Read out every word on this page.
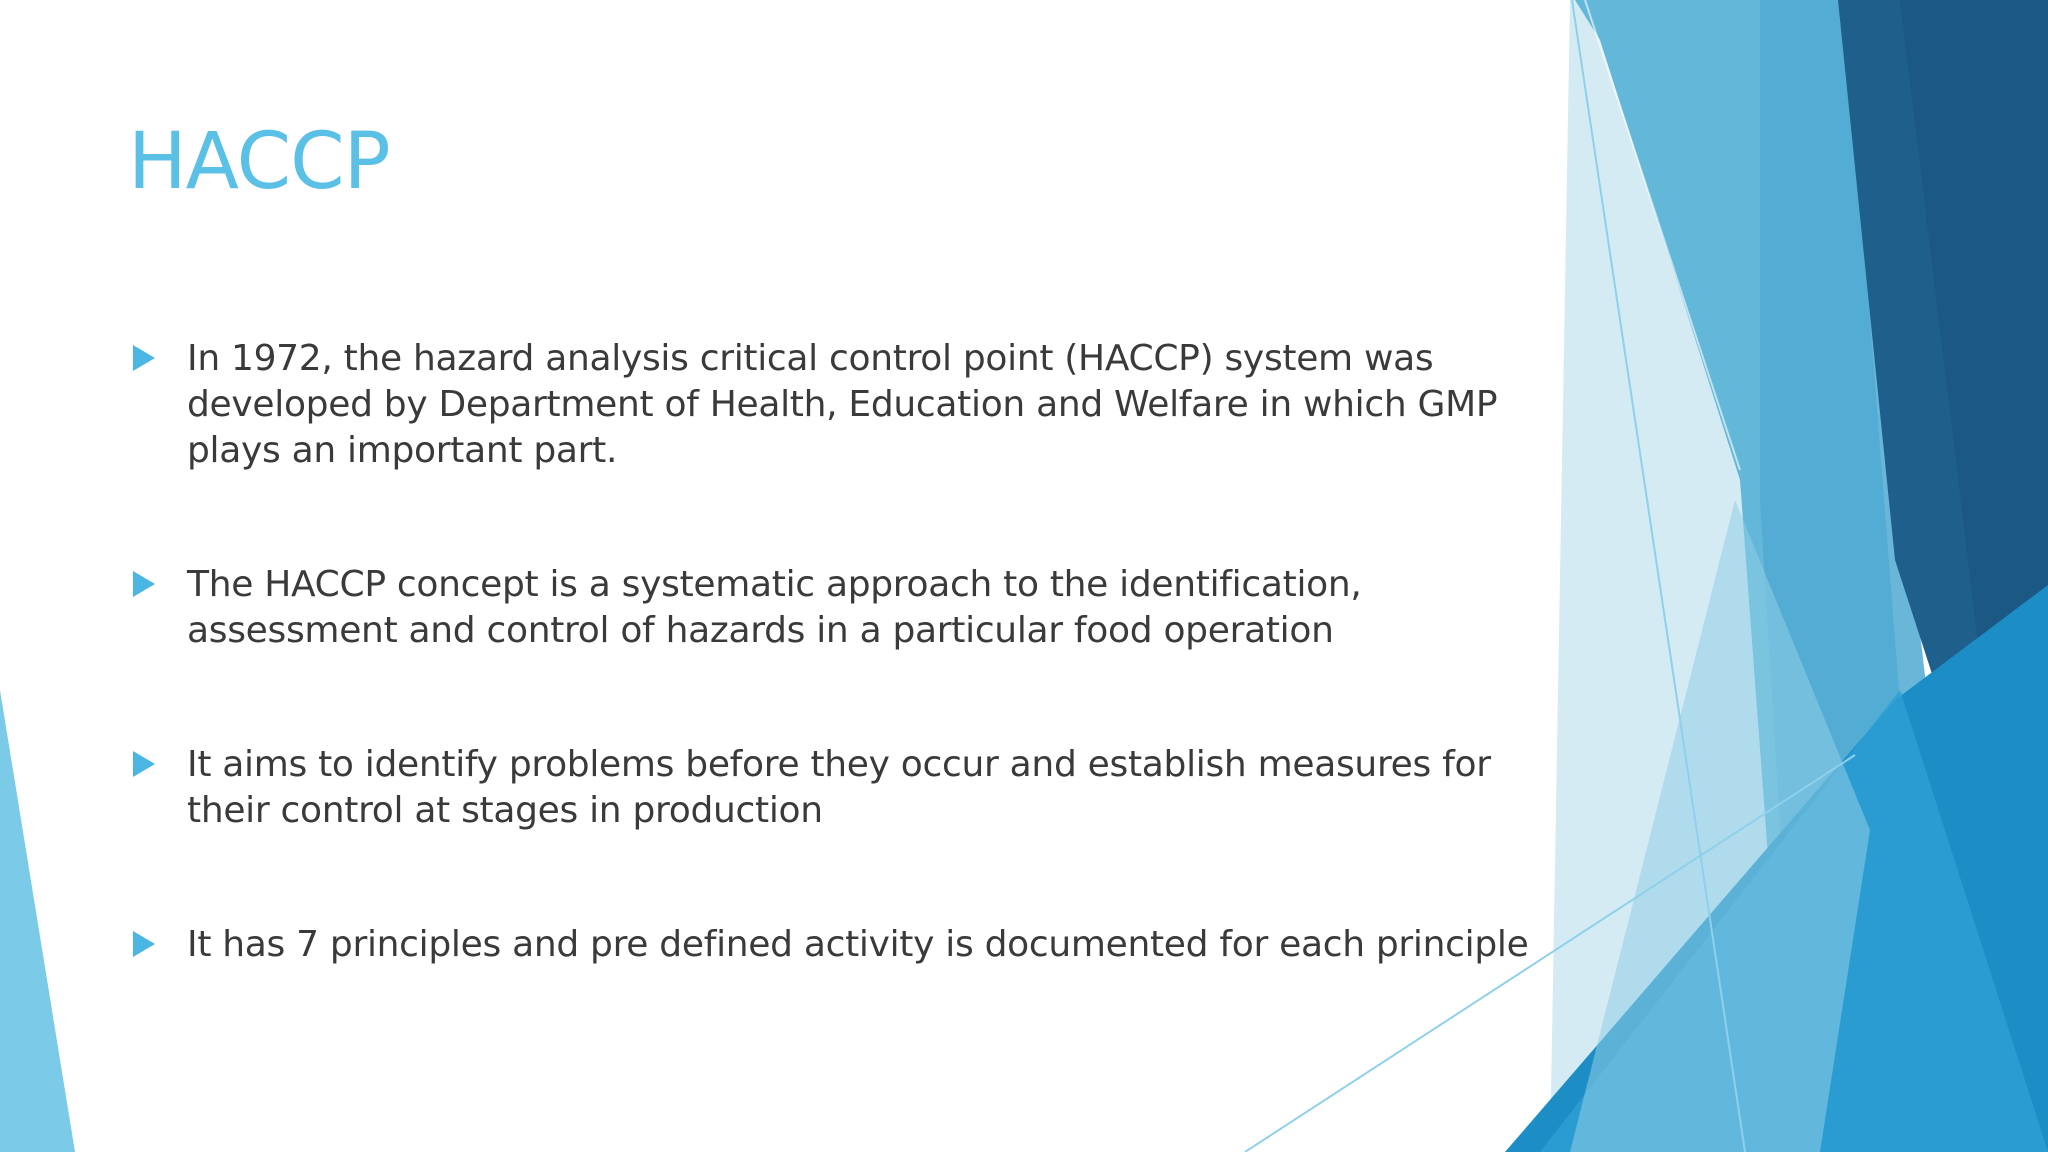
HACCP
In 1972, the hazard analysis critical control point (HACCP) system was developed by Department of Health, Education and Welfare in which GMP plays an important part.
The HACCP concept is a systematic approach to the identification, assessment and control of hazards in a particular food operation
It aims to identify problems before they occur and establish measures for their control at stages in production
It has 7 principles and pre defined activity is documented for each principle
